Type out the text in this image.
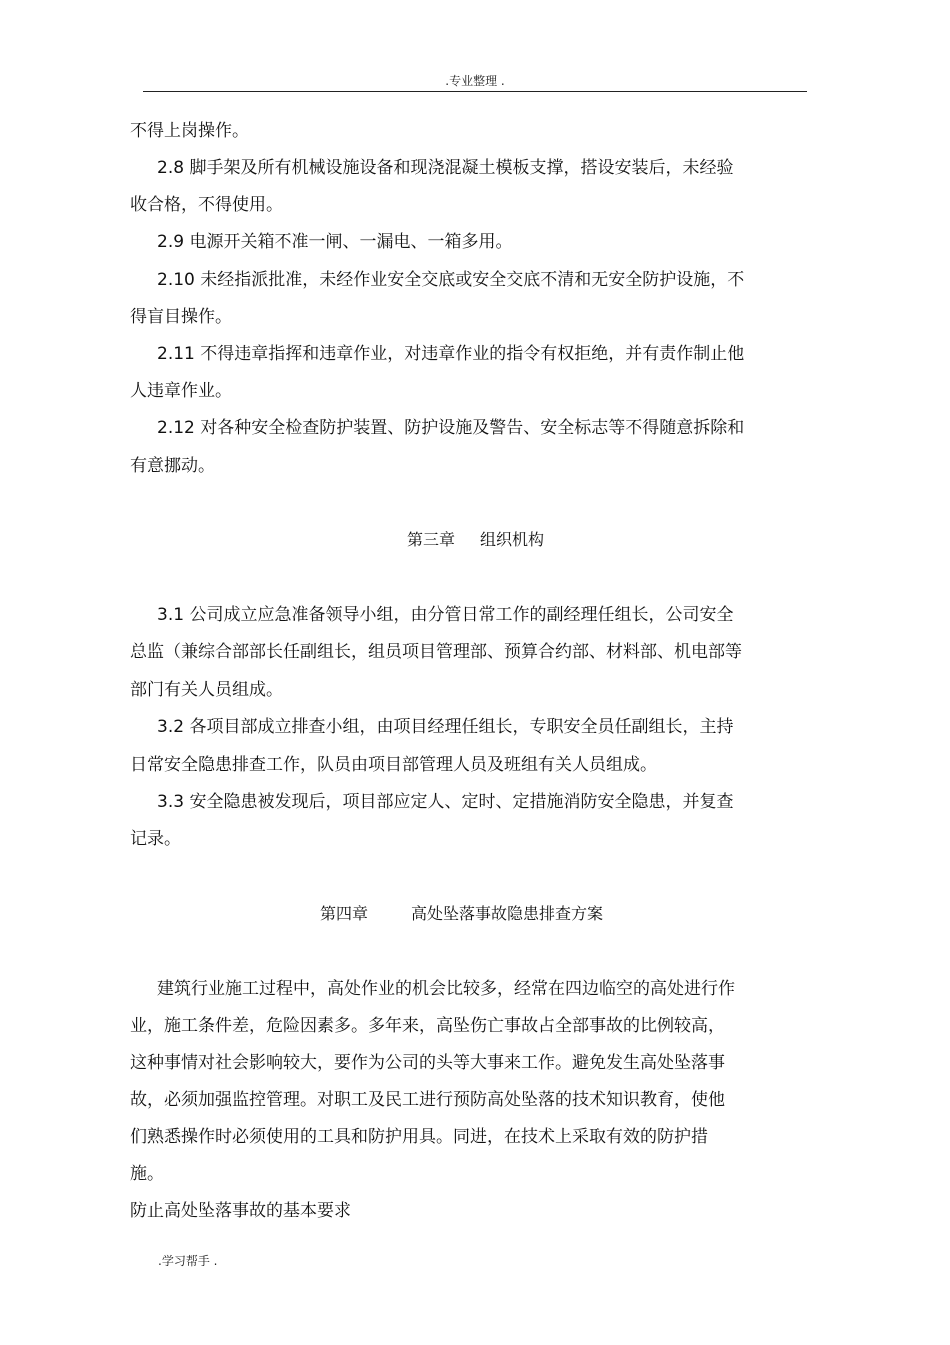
.专业整理 .
不得上岗操作。
2.8 脚手架及所有机械设施设备和现浇混凝土模板支撑，搭设安装后，未经验
收合格，不得使用。
2.9 电源开关箱不准一闸、一漏电、一箱多用。
2.10 未经指派批准，未经作业安全交底或安全交底不清和无安全防护设施，不
得盲目操作。
2.11 不得违章指挥和违章作业，对违章作业的指令有权拒绝，并有责作制止他
人违章作业。
2.12 对各种安全检查防护装置、防护设施及警告、安全标志等不得随意拆除和
有意挪动。
第三章 组织机构
3.1 公司成立应急准备领导小组，由分管日常工作的副经理任组长，公司安全
总监（兼综合部部长任副组长，组员项目管理部、预算合约部、材料部、机电部等
部门有关人员组成。
3.2 各项目部成立排查小组，由项目经理任组长，专职安全员任副组长，主持
日常安全隐患排查工作，队员由项目部管理人员及班组有关人员组成。
3.3 安全隐患被发现后，项目部应定人、定时、定措施消防安全隐患，并复查
记录。
第四章	高处坠落事故隐患排查方案
建筑行业施工过程中，高处作业的机会比较多，经常在四边临空的高处进行作
业，施工条件差，危险因素多。多年来，高坠伤亡事故占全部事故的比例较高，
这种事情对社会影响较大，要作为公司的头等大事来工作。避免发生高处坠落事
故，必须加强监控管理。对职工及民工进行预防高处坠落的技术知识教育，使他
们熟悉操作时必须使用的工具和防护用具。同进，在技术上采取有效的防护措
施。
防止高处坠落事故的基本要求
.学习帮手 .
